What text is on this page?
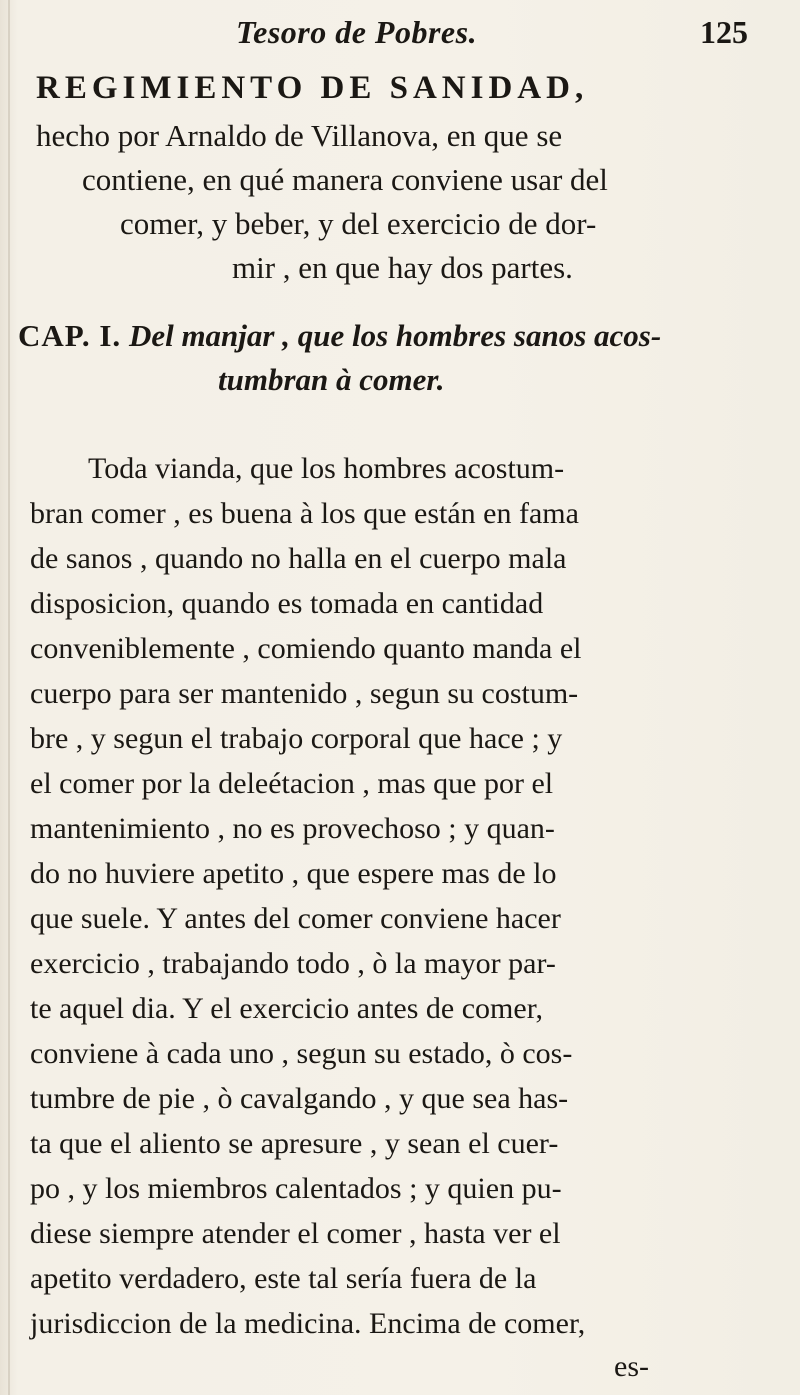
Tesoro de Pobres.	125
REGIMIENTO DE SANIDAD,
hecho por Arnaldo de Villanova, en que se
contiene, en qué manera conviene usar del
comer, y beber, y del exercicio de dor-
mir , en que hay dos partes.
CAP. I. Del manjar , que los hombres sanos acos-
tumbran à comer.
Toda vianda, que los hombres acostum-
bran comer , es buena à los que están en fama
de sanos , quando no halla en el cuerpo mala
disposicion, quando es tomada en cantidad
conveniblemente , comiendo quanto manda el
cuerpo para ser mantenido , segun su costum-
bre , y segun el trabajo corporal que hace ; y
el comer por la deleétacion , mas que por el
mantenimiento , no es provechoso ; y quan-
do no huviere apetito , que espere mas de lo
que suele. Y antes del comer conviene hacer
exercicio , trabajando todo , ò la mayor par-
te aquel dia. Y el exercicio antes de comer,
conviene à cada uno , segun su estado, ò cos-
tumbre de pie , ò cavalgando , y que sea has-
ta que el aliento se apresure , y sean el cuer-
po , y los miembros calentados ; y quien pu-
diese siempre atender el comer , hasta ver el
apetito verdadero, este tal sería fuera de la
jurisdiccion de la medicina. Encima de comer,
es-
